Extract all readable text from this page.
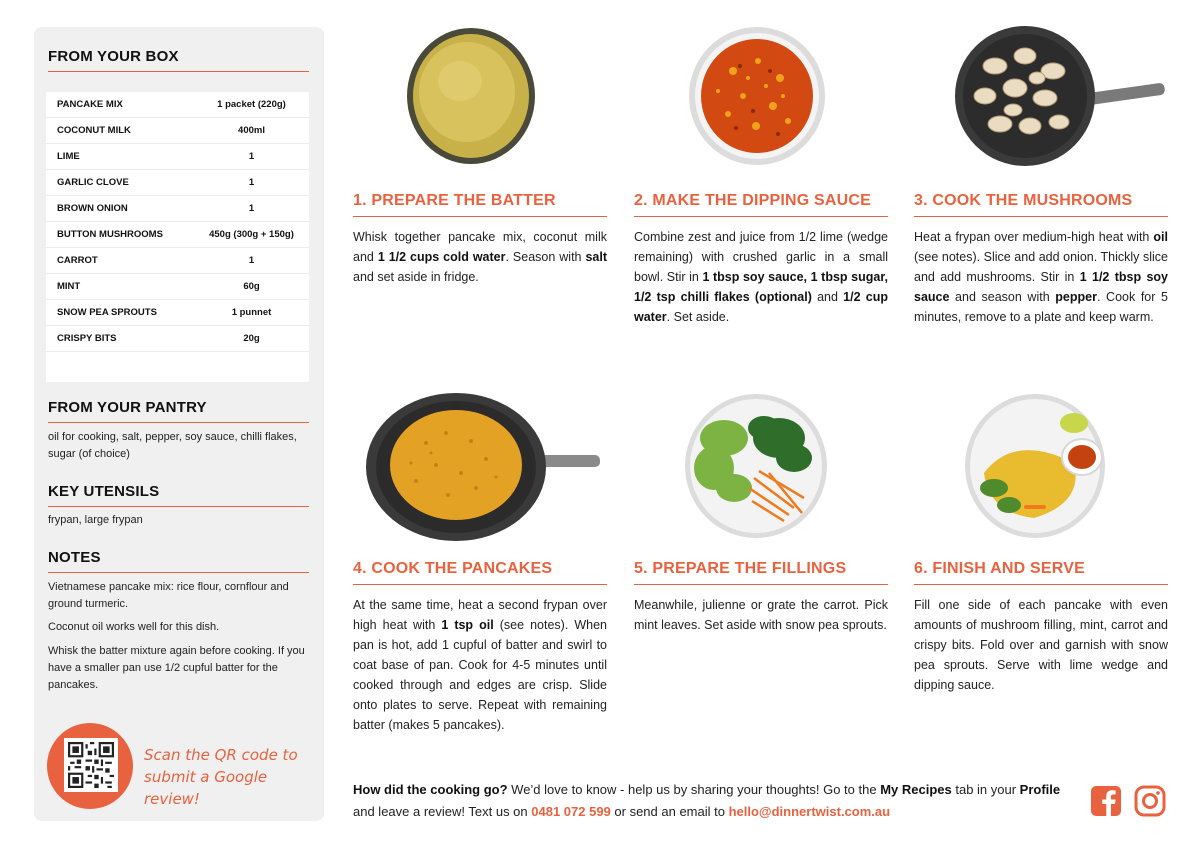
FROM YOUR BOX
PANCAKE MIX	1 packet (220g)
COCONUT MILK	400ml
LIME	1
GARLIC CLOVE	1
BROWN ONION	1
BUTTON MUSHROOMS	450g (300g + 150g)
CARROT	1
MINT	60g
SNOW PEA SPROUTS	1 punnet
CRISPY BITS	20g
FROM YOUR PANTRY
oil for cooking, salt, pepper, soy sauce, chilli flakes, sugar (of choice)
KEY UTENSILS
frypan, large frypan
NOTES
Vietnamese pancake mix: rice flour, cornflour and ground turmeric.
Coconut oil works well for this dish.
Whisk the batter mixture again before cooking. If you have a smaller pan use 1/2 cupful batter for the pancakes.
Scan the QR code to
submit a Google review!
1. PREPARE THE BATTER
Whisk together pancake mix, coconut milk and 1 1/2 cups cold water. Season with salt and set aside in fridge.
2. MAKE THE DIPPING SAUCE
Combine zest and juice from 1/2 lime (wedge remaining) with crushed garlic in a small bowl. Stir in 1 tbsp soy sauce, 1 tbsp sugar, 1/2 tsp chilli flakes (optional) and 1/2 cup water. Set aside.
3. COOK THE MUSHROOMS
Heat a frypan over medium-high heat with oil (see notes). Slice and add onion. Thickly slice and add mushrooms. Stir in 1 1/2 tbsp soy sauce and season with pepper. Cook for 5 minutes, remove to a plate and keep warm.
4. COOK THE PANCAKES
At the same time, heat a second frypan over high heat with 1 tsp oil (see notes). When pan is hot, add 1 cupful of batter and swirl to coat base of pan. Cook for 4-5 minutes until cooked through and edges are crisp. Slide onto plates to serve. Repeat with remaining batter (makes 5 pancakes).
5. PREPARE THE FILLINGS
Meanwhile, julienne or grate the carrot. Pick mint leaves. Set aside with snow pea sprouts.
6. FINISH AND SERVE
Fill one side of each pancake with even amounts of mushroom filling, mint, carrot and crispy bits. Fold over and garnish with snow pea sprouts. Serve with lime wedge and dipping sauce.
How did the cooking go? We’d love to know - help us by sharing your thoughts! Go to the My Recipes tab in your Profile and leave a review! Text us on 0481 072 599 or send an email to hello@dinnertwist.com.au
